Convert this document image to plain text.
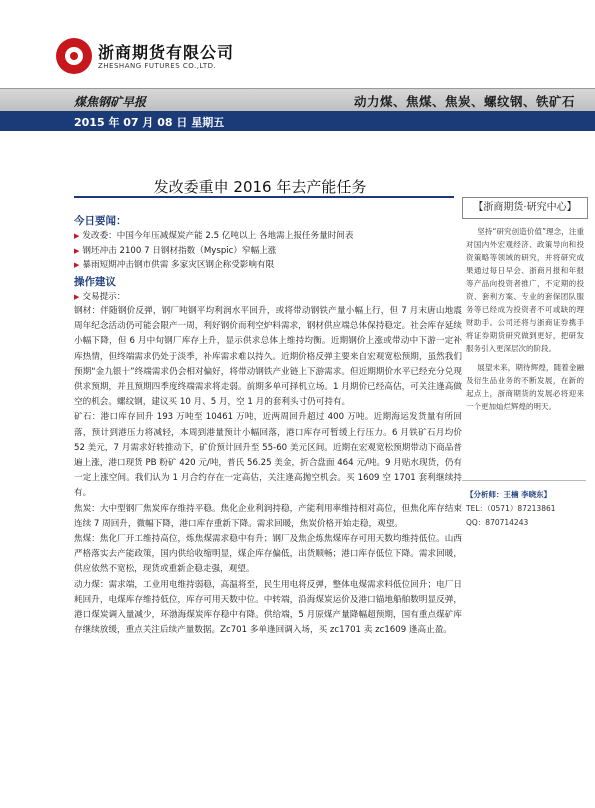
浙商期货有限公司
ZHESHANG FUTURES CO.,LTD.
煤焦钢矿早报	动力煤、焦煤、焦炭、螺纹钢、铁矿石
2015 年 07 月 08 日 星期五
发改委重申 2016 年去产能任务
今日要闻：
▶ 发改委：中国今年压减煤炭产能 2.5 亿吨以上 各地需上报任务量时间表
▶ 钢坯冲击 2100 7 日钢材指数（Myspic）窄幅上涨
▶ 暴雨短期冲击钢市供需 多家灾区钢企称受影响有限
操作建议
▶ 交易提示：

钢材：伴随钢价反弹，钢厂吨钢平均利润水平回升，或将带动钢铁产量小幅上行，但 7 月末唐山地震周年纪念活动仍可能会限产一周，利好钢价而利空炉料需求，钢材供应端总体保持稳定。社会库存延续小幅下降，但 6 月中旬钢厂库存上升，显示供求总体上维持均衡。近期钢价上涨或带动中下游一定补库热情，但终端需求仍处于淡季，补库需求难以持久。近期价格反弹主要来自宏观宽松预期，虽然我们预期“金九银十”终端需求仍会相对偏好，将带动钢铁产业链上下游需求。但近期期价水平已经充分兑现供求预期，并且预期四季度终端需求将走弱。前期多单可择机立场。1 月期价已经高估，可关注逢高做空的机会。螺纹钢，建议买 10 月、5 月，空 1 月的套利头寸仍可持有。

矿石：港口库存回升 193 万吨至 10461 万吨，近两周回升超过 400 万吨。近期海运发货量有所回落，预计到港压力将减轻，本周到港量预计小幅回落，港口库存可暂缓上行压力。6 月铁矿石月均价 52 美元，7 月需求好转推动下，矿价预计回升至 55-60 美元区间。近期在宏观宽松预期带动下商品普遍上涨，港口现货 PB 粉矿 420 元/吨，普氏 56.25 美金，折合盘面 464 元/吨。9 月贴水现货，仍有一定上涨空间。我们认为 1 月合约存在一定高估，关注逢高抛空机会。买 1609 空 1701 套利继续持有。

焦炭：大中型钢厂焦炭库存维持平稳。焦化企业利润持稳，产能利用率维持相对高位，但焦化库存结束连续 7 周回升，微幅下降，港口库存重新下降。需求回暖，焦炭价格开始走稳，观望。

焦煤：焦化厂开工维持高位，炼焦煤需求稳中有升；钢厂及焦企炼焦煤库存可用天数均维持低位。山西严格落实去产能政策，国内供给收缩明显，煤企库存偏低，出货顺畅；港口库存低位下降。需求回暖，供应依然不宽松，现货或重新企稳走强，观望。

动力煤：需求端，工业用电维持弱稳，高温将至，民生用电将反弹，整体电煤需求料低位回升；电厂日耗回升，电煤库存维持低位，库存可用天数中位。中转端，沿海煤炭运价及港口锚地船舶数明显反弹，港口煤炭调入量减少，环渤海煤炭库存稳中有降。供给端，5 月原煤产量降幅超预期，国有重点煤矿库存继续放缓，重点关注后续产量数据。Zc701 多单逢回调入场，买 zc1701 卖 zc1609 逢高止盈。

【浙商期货·研究中心】

坚持“研究创造价值”理念，注重对国内外宏观经济、政策导向和投资策略等领域的研究，并将研究成果通过每日早会、浙商月报和年报等产品向投资者推广，不定期的投资、套利方案、专业的套保团队服务等已经成为投资者不可或缺的理财助手。公司还将与浙商证券携手将证券期货研究做到更好，把研发服务引入更深层次的阶段。

展望未来，期待辉煌，随着金融及衍生品业务的不断发展，在新的起点上，浙商期货的发展必将迎来一个更加灿烂辉煌的明天。

【分析师：王楠 李晓东】
TEL：（0571）87213861
QQ：870714243
